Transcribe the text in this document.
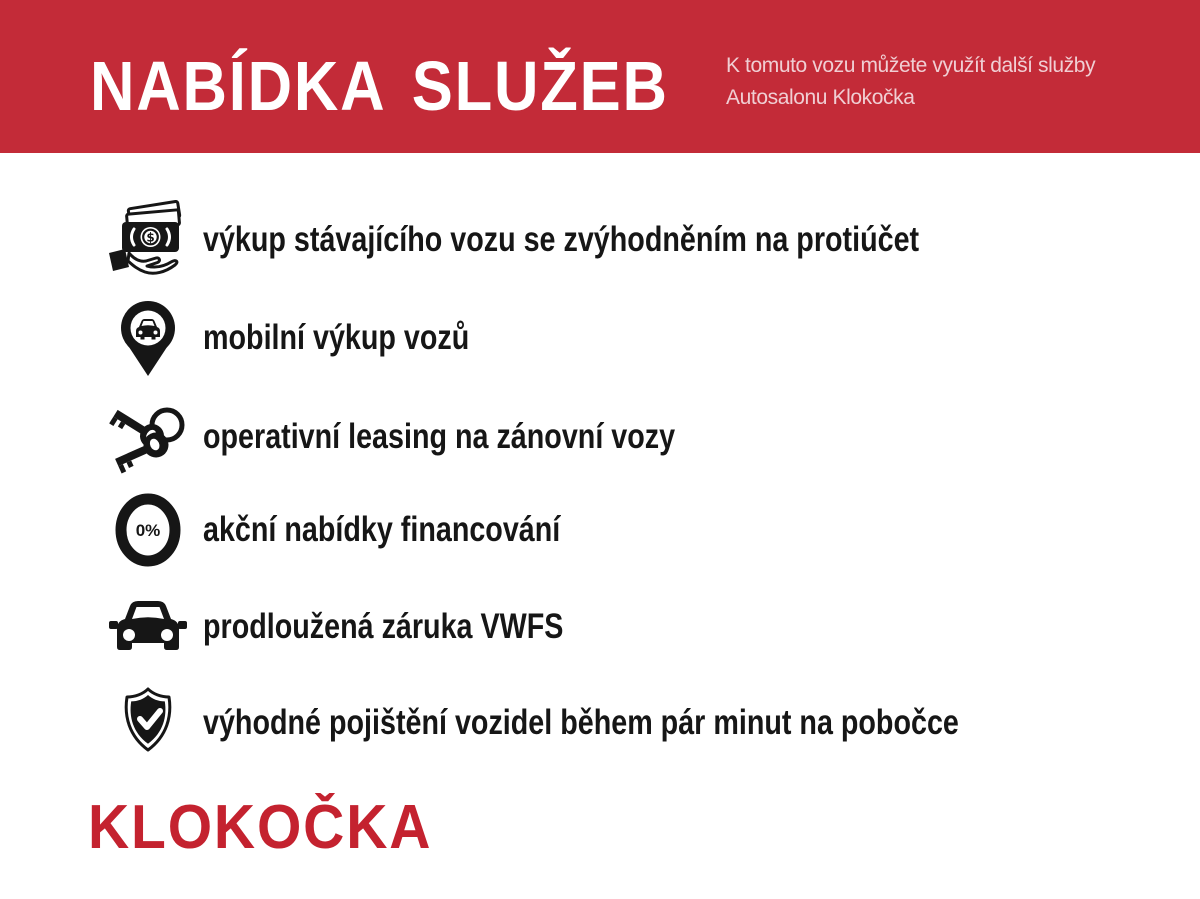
NABÍDKA SLUŽEB	K tomuto vozu můžete využít další služby
Autosalonu Klokočka

$ výkup stávajícího vozu se zvýhodněním na protiúčet
mobilní výkup vozů
operativní leasing na zánovní vozy
0% akční nabídky financování
prodloužená záruka VWFS
výhodné pojištění vozidel během pár minut na pobočce
KLOKOČKA
